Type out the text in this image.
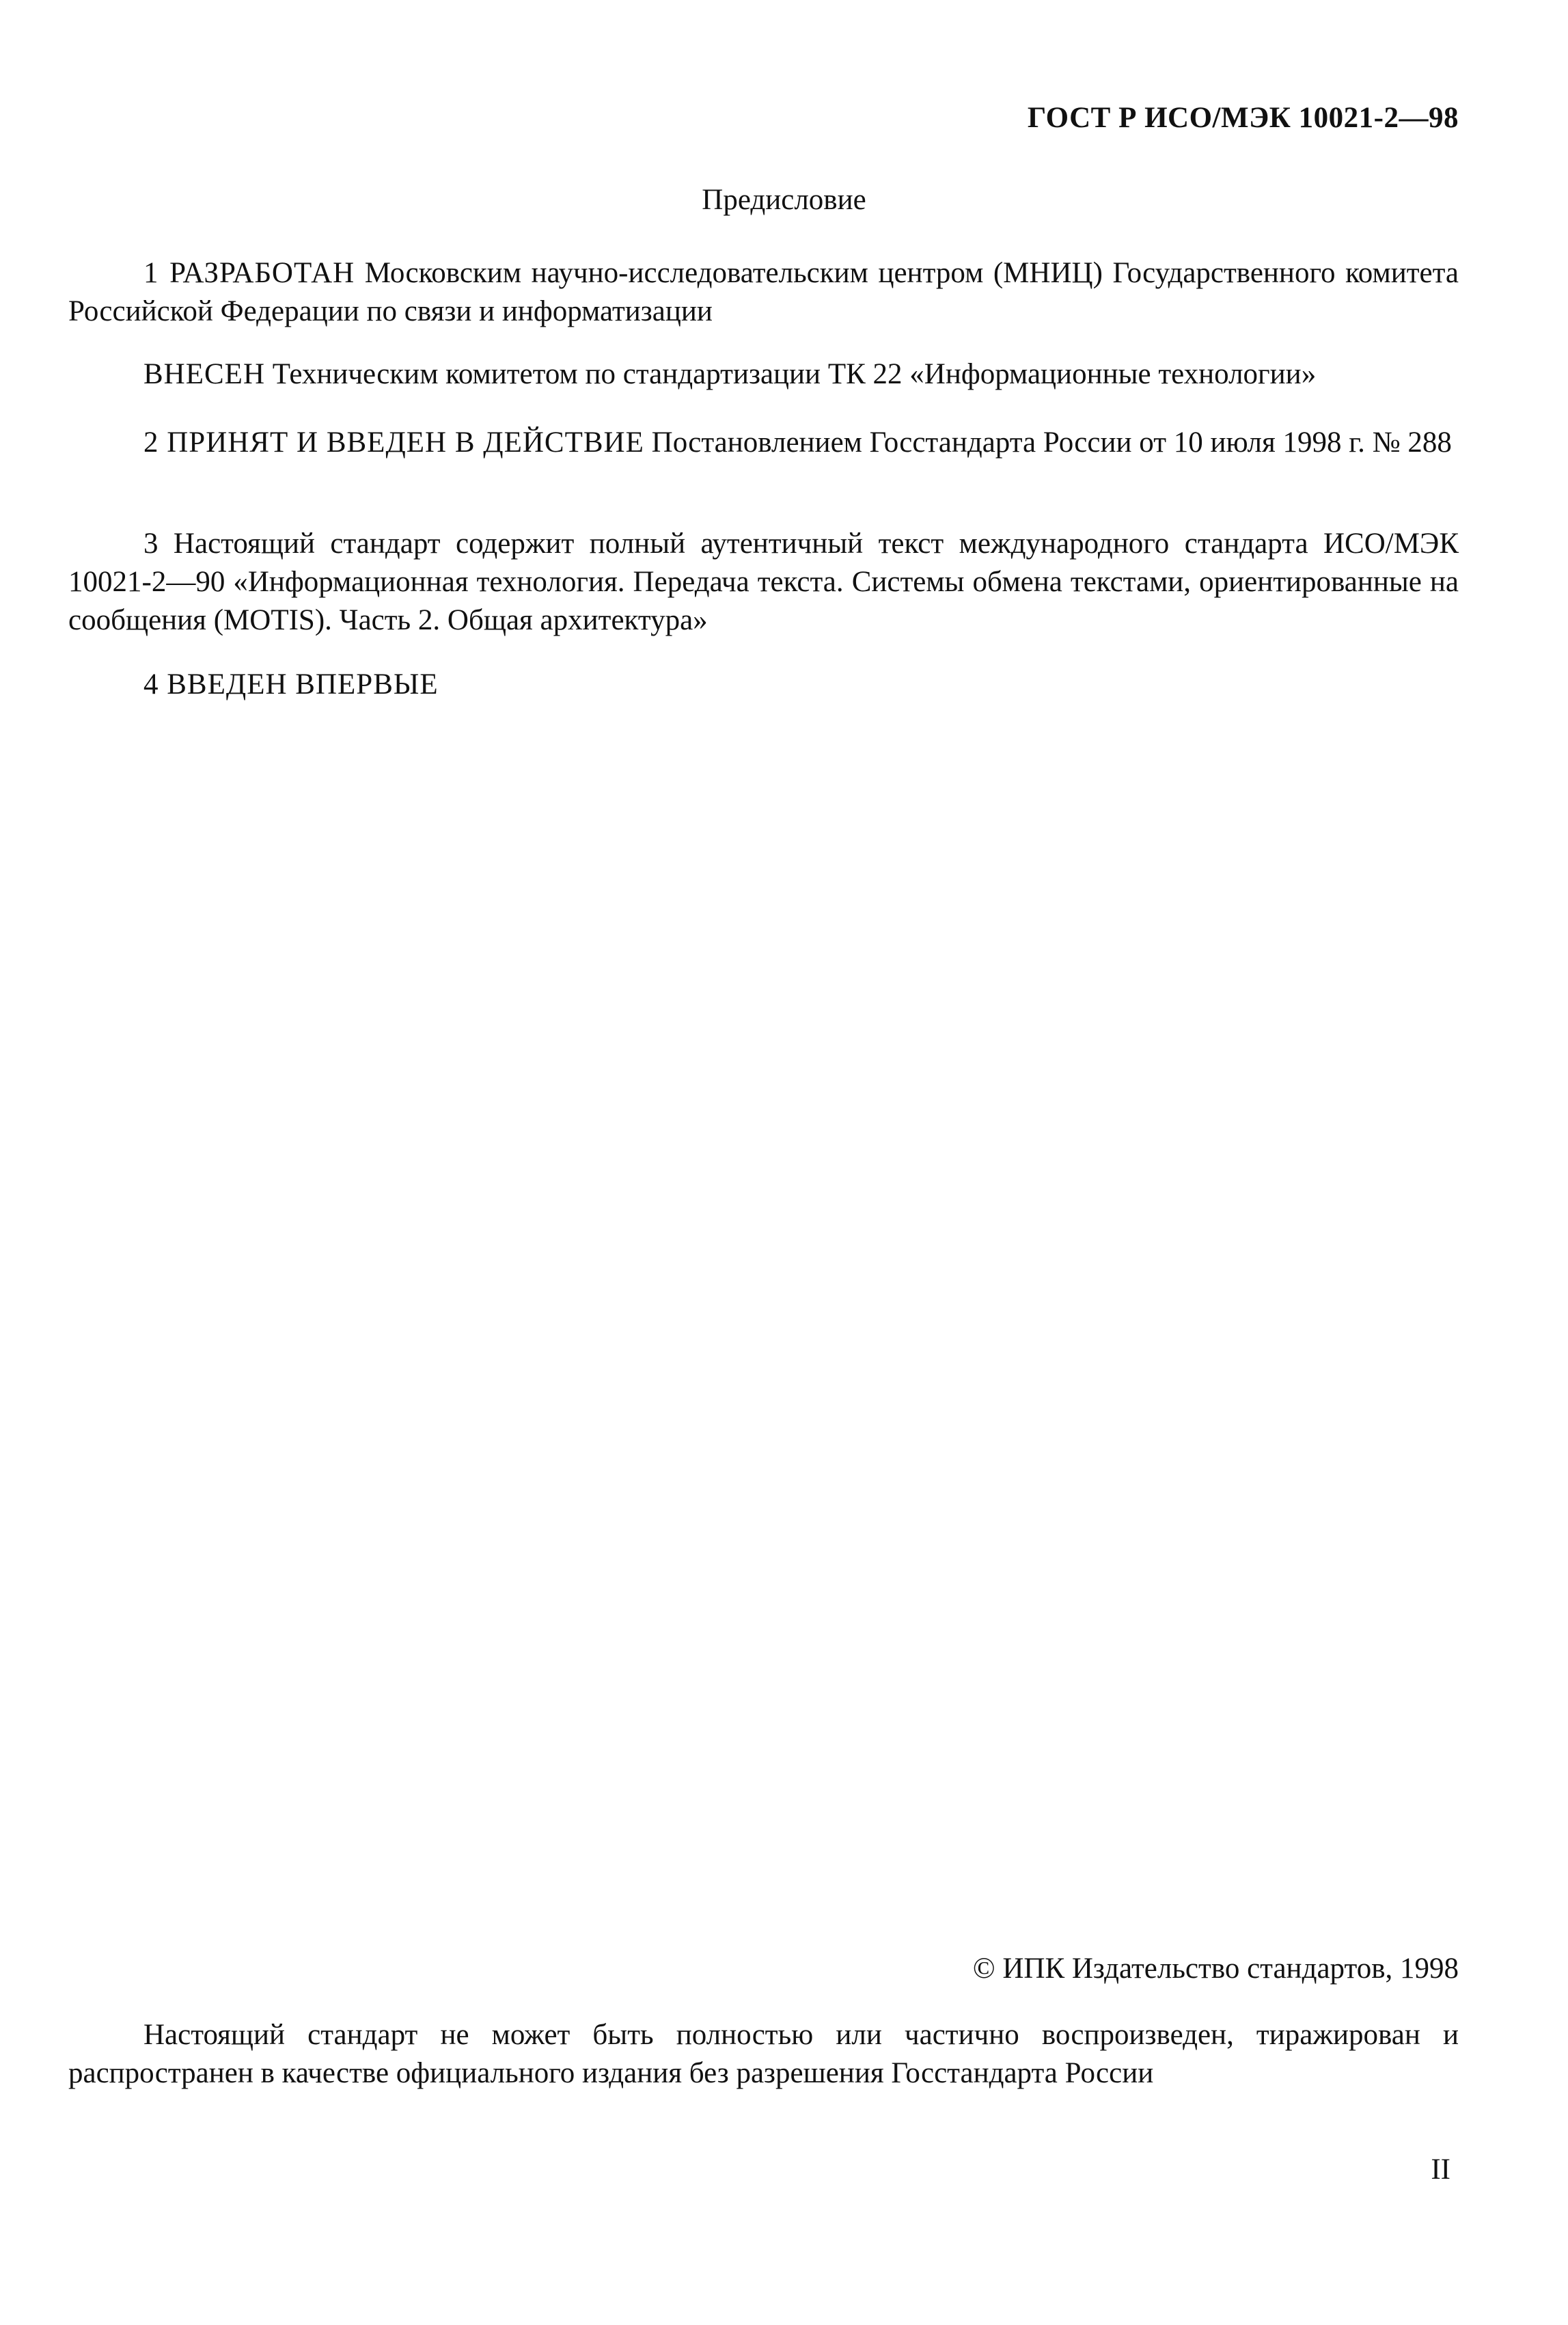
ГОСТ Р ИСО/МЭК 10021-2—98
Предисловие
1 РАЗРАБОТАН Московским научно-исследовательским центром (МНИЦ) Государственного комитета Российской Федерации по связи и информатизации
ВНЕСЕН Техническим комитетом по стандартизации ТК 22 «Информационные технологии»
2 ПРИНЯТ И ВВЕДЕН В ДЕЙСТВИЕ Постановлением Госстандарта России от 10 июля 1998 г. № 288
3 Настоящий стандарт содержит полный аутентичный текст международного стандарта ИСО/МЭК 10021-2—90 «Информационная технология. Передача текста. Системы обмена текстами, ориентированные на сообщения (MOTIS). Часть 2. Общая архитектура»
4 ВВЕДЕН ВПЕРВЫЕ
© ИПК Издательство стандартов, 1998
Настоящий стандарт не может быть полностью или частично воспроизведен, тиражирован и распространен в качестве официального издания без разрешения Госстандарта России
II
